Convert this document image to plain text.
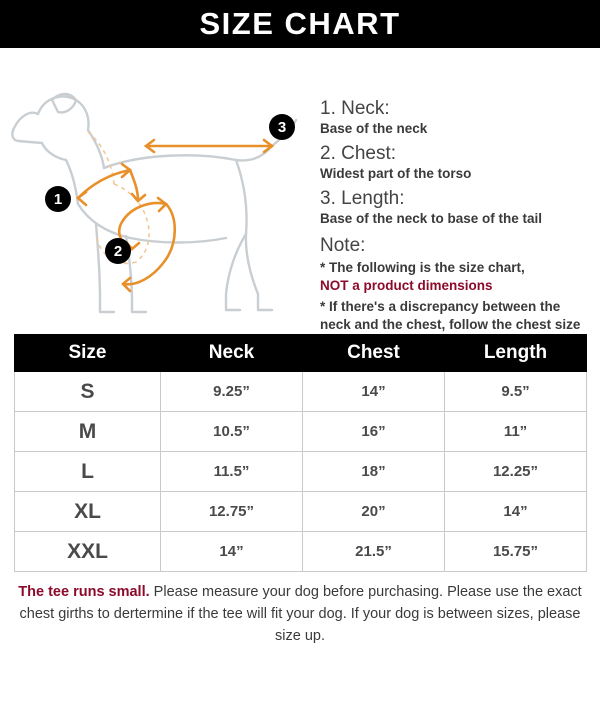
SIZE CHART
1
2
3
1. Neck:
Base of the neck
2. Chest:
Widest part of the torso
3. Length:
Base of the neck to base of the tail
Note:
* The following is the size chart,
NOT a product dimensions
* If there's a discrepancy between the neck and the chest, follow the chest size
Size	Neck	Chest	Length
S	9.25”	14”	9.5”
M	10.5”	16”	11”
L	11.5”	18”	12.25”
XL	12.75”	20”	14”
XXL	14”	21.5”	15.75”
The tee runs small. Please measure your dog before purchasing. Please use the exact chest girths to dertermine if the tee will fit your dog. If your dog is between sizes, please size up.
